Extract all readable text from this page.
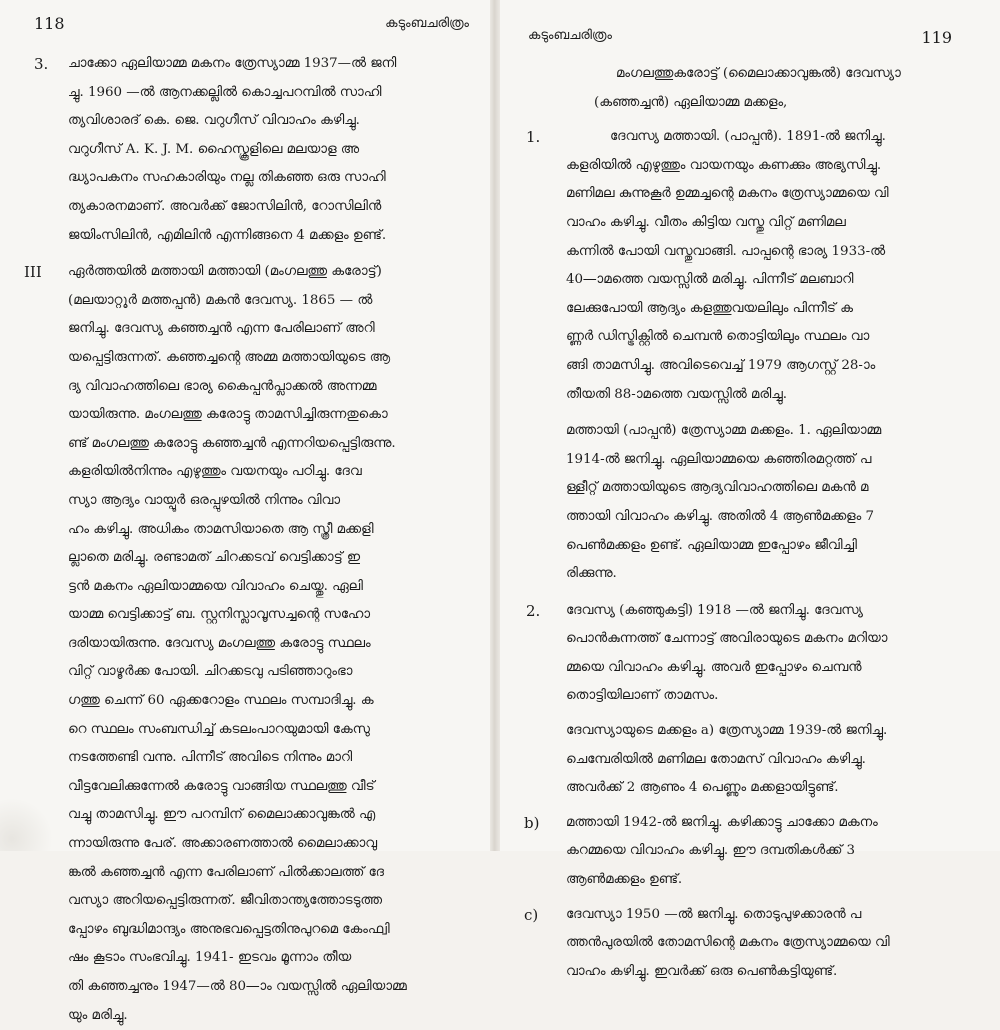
118	കടുംബചരിത്രം
3. ചാക്കോ ഏലിയാമ്മ മകനം ത്രേസ്യാമ്മ 1937—ൽ ജനി
ച്ചു. 1960 —ൽ ആനക്കല്ലിൽ കൊച്ചപറമ്പിൽ സാഹി
ത്യവിശാരദ് കെ. ജെ. വറുഗീസ് വിവാഹം കഴിച്ചു.
വറുഗീസ് A. K. J. M. ഹൈസ്കൂളിലെ മലയാള അ
ദ്ധ്യാപകനം സഹകാരിയും നല്ല തികഞ്ഞ ഒരു സാഹി
ത്യകാരനമാണ്. അവർക്ക് ജോസിലിൻ, റോസിലിൻ
ജയിംസിലിൻ, എമിലിൻ എന്നിങ്ങനെ 4 മക്കളം ഉണ്ട്.
III ഏർത്തയിൽ മത്തായി മത്തായി (മംഗലത്തു കരോട്ട്)
(മലയാറ്റൂർ മത്തപ്പൻ) മകൻ ദേവസ്യ. 1865 — ൽ
ജനിച്ചു. ദേവസ്യ കഞ്ഞച്ചൻ എന്ന പേരിലാണ് അറി
യപ്പെട്ടിരുന്നത്. കഞ്ഞച്ചന്റെ അമ്മ മത്തായിയുടെ ആ
ദ്യ വിവാഹത്തിലെ ഭാര്യ കൈപ്പൻപ്ലാക്കൽ അന്നമ്മ
യായിരുന്നു. മംഗലത്തു കരോട്ടു താമസിച്ചിരുന്നതുകൊ
ണ്ട് മംഗലത്തു കരോട്ടു കഞ്ഞച്ചൻ എന്നറിയപ്പെട്ടിരുന്നു.
കളരിയിൽനിന്നും എഴുത്തും വയനയും പഠിച്ചു. ദേവ
സ്യാ ആദ്യം വായ്പൂർ ഒരപ്പുഴയിൽ നിന്നും വിവാ
ഹം കഴിച്ചു. അധികം താമസിയാതെ ആ സ്ത്രീ മക്കളി
ല്ലാതെ മരിച്ചു. രണ്ടാമത് ചിറക്കടവ് വെട്ടിക്കാട്ട് ഇ
ട്ടൻ മകനം ഏലിയാമ്മയെ വിവാഹം ചെയ്തു. ഏലി
യാമ്മ വെട്ടിക്കാട്ട് ബ. സ്റ്റനിസ്ലാവൂസച്ചന്റെ സഹോ
ദരിയായിരുന്നു. ദേവസ്യ മംഗലത്തു കരോട്ടു സ്ഥലം
വിറ്റ് വാഴൂർക്ക പോയി. ചിറക്കടവു പടിഞ്ഞാറുംഭാ
ഗത്തു ചെന്ന് 60 ഏക്കറോളം സ്ഥലം സമ്പാദിച്ചു. ക
റെ സ്ഥലം സംബന്ധിച്ച് കടലംപാറയുമായി കേസു
നടത്തേണ്ടി വന്നു. പിന്നീട് അവിടെ നിന്നും മാറി
വീട്ടവേലിക്കുന്നേൽ കരോട്ടു വാങ്ങിയ സ്ഥലത്തു വീട്
വച്ചു താമസിച്ചു. ഈ പറമ്പിന് മൈലാക്കാവുങ്കൽ എ
ന്നായിരുന്നു പേര്. അക്കാരണത്താൽ മൈലാക്കാവു
ങ്കൽ കഞ്ഞച്ചൻ എന്ന പേരിലാണ് പിൽക്കാലത്ത് ദേ
വസ്യാ അറിയപ്പെട്ടിരുന്നത്. ജീവിതാന്ത്യത്തോടടുത്ത
പ്പോഴം ബുദ്ധിമാന്ദ്യം അനുഭവപ്പെട്ടതിനുപുറമെ കേംഫ്വി
ഷം കൂടാം സംഭവിച്ചു. 1941- ഇടവം മൂന്നാം തീയ
തി കഞ്ഞച്ചനും 1947—ൽ 80—ാം വയസ്സിൽ ഏലിയാമ്മ
യും മരിച്ചു.
കടുംബചരിത്രം	119
മംഗലത്തുകരോട്ട് (മൈലാക്കാവുങ്കൽ) ദേവസ്യാ
(കഞ്ഞച്ചൻ) ഏലിയാമ്മ മക്കളം,
1.	ദേവസ്യ മത്തായി. (പാപ്പൻ). 1891-ൽ ജനിച്ചു.
കളരിയിൽ എഴുത്തും വായനയും കണക്കും അഭ്യസിച്ചു.
മണിമല കുന്നുകൂർ ഉമ്മച്ചന്റെ മകനം ത്രേസ്യാമ്മയെ വി
വാഹം കഴിച്ചു. വീതം കിട്ടിയ വസ്തു വിറ്റ് മണിമല
കന്നിൽ പോയി വസ്തുവാങ്ങി. പാപ്പന്റെ ഭാര്യ 1933-ൽ
40—ാമത്തെ വയസ്സിൽ മരിച്ചു. പിന്നീട് മലബാറി
ലേക്കുപോയി ആദ്യം കളത്തുവയലിലും പിന്നീട് ക
ണ്ണർ ഡിസ്ട്രിക്റ്റിൽ ചെമ്പൻ തൊട്ടിയിലും സ്ഥലം വാ
ങ്ങി താമസിച്ചു. അവിടെവെച്ച് 1979 ആഗസ്റ്റ് 28-ാം
തീയതി 88-ാമത്തെ വയസ്സിൽ മരിച്ചു.
മത്തായി (പാപ്പൻ) ത്രേസ്യാമ്മ മക്കളം. 1. ഏലിയാമ്മ
1914-ൽ ജനിച്ചു. ഏലിയാമ്മയെ കഞ്ഞിരമറ്റത്ത് പ
ള്ളീറ്റ് മത്തായിയുടെ ആദ്യവിവാഹത്തിലെ മകൻ മ
ത്തായി വിവാഹം കഴിച്ചു. അതിൽ 4 ആൺമക്കളം 7
പെൺമക്കളം ഉണ്ട്. ഏലിയാമ്മ ഇപ്പോഴം ജീവിച്ചി
രിക്കുന്നു.
2. ദേവസ്യ (കഞ്ഞുകട്ടി) 1918 —ൽ ജനിച്ചു. ദേവസ്യ
പൊൻകുന്നത്ത് ചേന്നാട്ട് അവിരായുടെ മകനം മറിയാ
മ്മയെ വിവാഹം കഴിച്ചു. അവർ ഇപ്പോഴം ചെമ്പൻ
തൊട്ടിയിലാണ് താമസം.
ദേവസ്യായുടെ മക്കളം a) ത്രേസ്യാമ്മ 1939-ൽ ജനിച്ചു.
ചെമ്പേരിയിൽ മണിമല തോമസ് വിവാഹം കഴിച്ചു.
അവർക്ക് 2 ആണും 4 പെണ്ണും മക്കളായിട്ടുണ്ട്.
b) മത്തായി 1942-ൽ ജനിച്ചു. കഴിക്കാട്ടു ചാക്കോ മകനം
കറമ്മയെ വിവാഹം കഴിച്ചു. ഈ ദമ്പതികൾക്ക് 3
ആൺമക്കളം ഉണ്ട്.
c) ദേവസ്യാ 1950 —ൽ ജനിച്ചു. തൊടുപുഴക്കാരൻ പ
ത്തൻപുരയിൽ തോമസിന്റെ മകനം ത്രേസ്യാമ്മയെ വി
വാഹം കഴിച്ചു. ഇവർക്ക് ഒരു പെൺകട്ടിയുണ്ട്.
